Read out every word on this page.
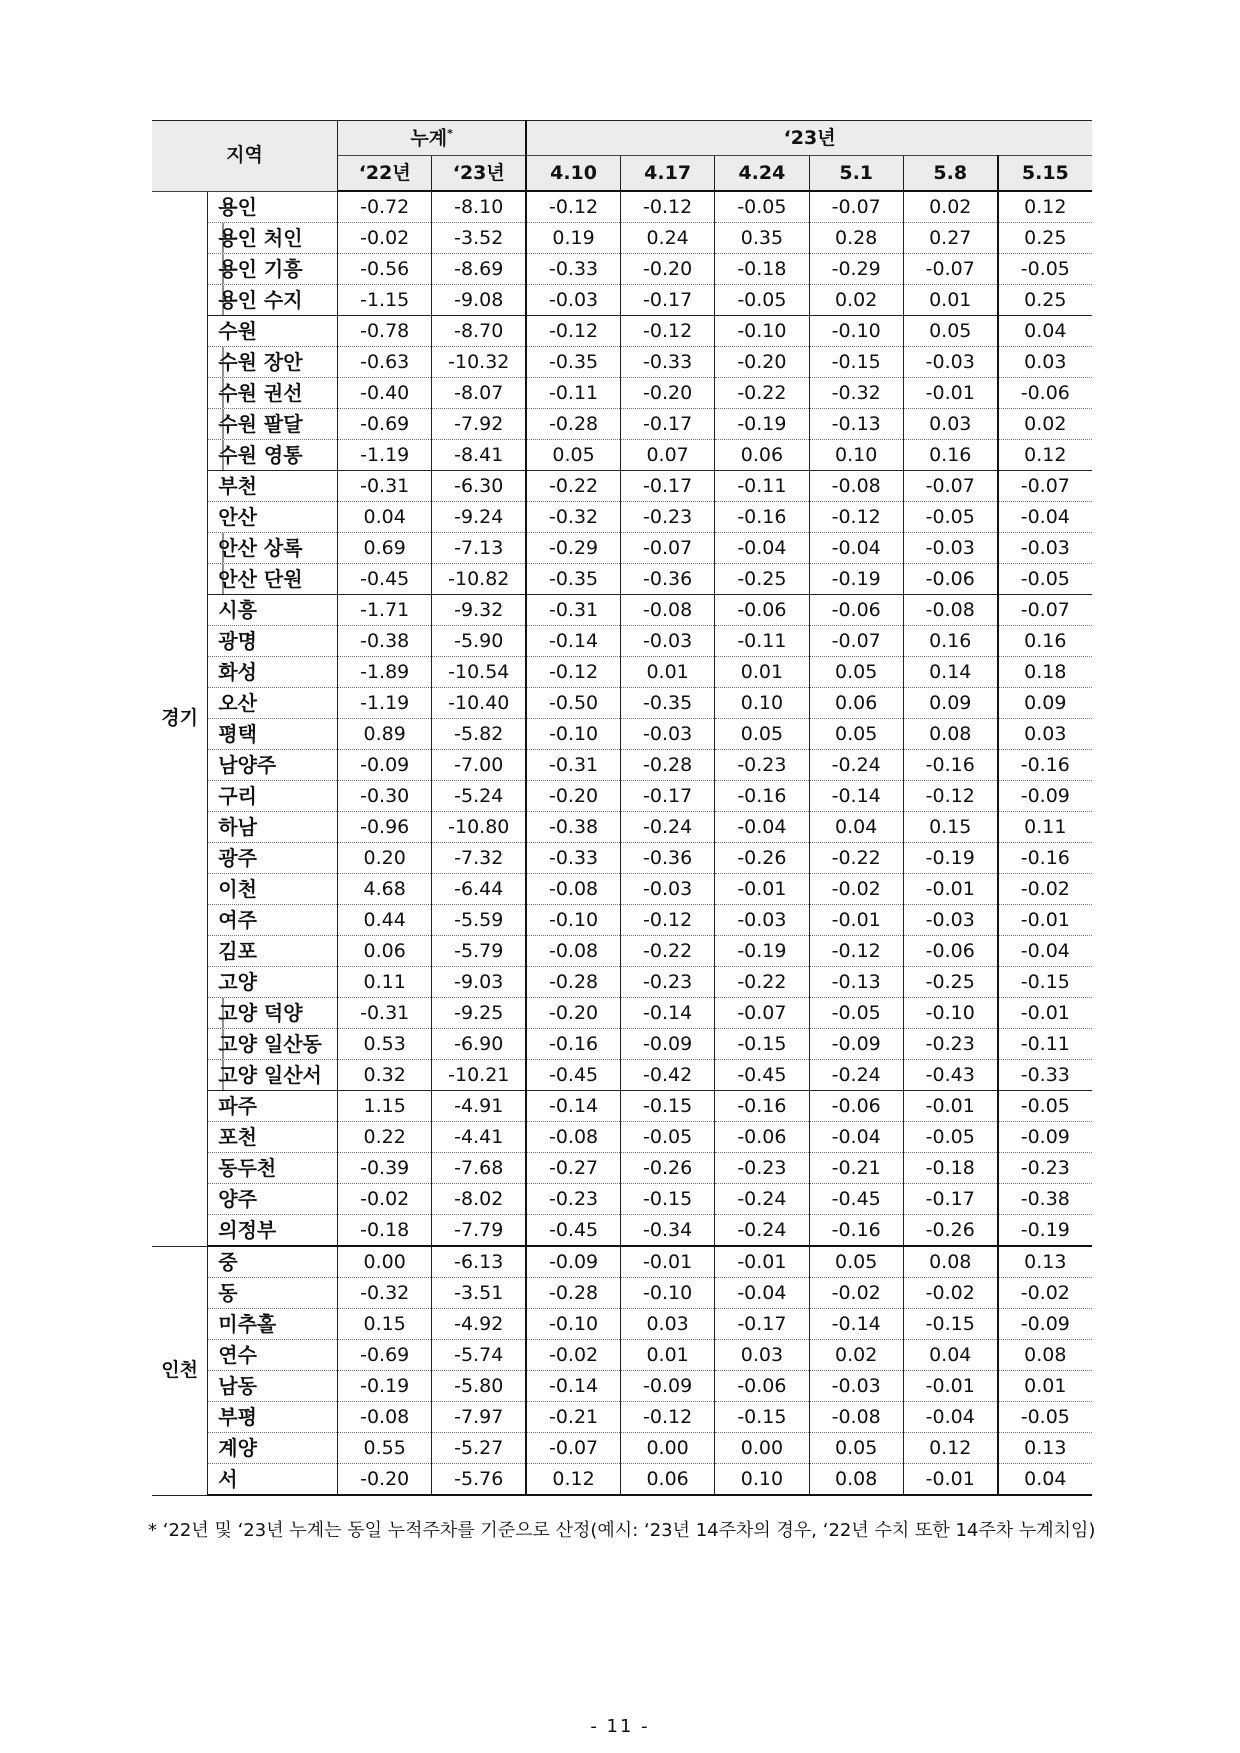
지역		누계*		‘23년					
		‘22년	‘23년	4.10	4.17	4.24	5.1	5.8	5.15
경기	용인	-0.72	-8.10	-0.12	-0.12	-0.05	-0.07	0.02	0.12
	용인 처인	-0.02	-3.52	0.19	0.24	0.35	0.28	0.27	0.25
	용인 기흥	-0.56	-8.69	-0.33	-0.20	-0.18	-0.29	-0.07	-0.05
	용인 수지	-1.15	-9.08	-0.03	-0.17	-0.05	0.02	0.01	0.25
	수원	-0.78	-8.70	-0.12	-0.12	-0.10	-0.10	0.05	0.04
	수원 장안	-0.63	-10.32	-0.35	-0.33	-0.20	-0.15	-0.03	0.03
	수원 권선	-0.40	-8.07	-0.11	-0.20	-0.22	-0.32	-0.01	-0.06
	수원 팔달	-0.69	-7.92	-0.28	-0.17	-0.19	-0.13	0.03	0.02
	수원 영통	-1.19	-8.41	0.05	0.07	0.06	0.10	0.16	0.12
	부천	-0.31	-6.30	-0.22	-0.17	-0.11	-0.08	-0.07	-0.07
	안산	0.04	-9.24	-0.32	-0.23	-0.16	-0.12	-0.05	-0.04
	안산 상록	0.69	-7.13	-0.29	-0.07	-0.04	-0.04	-0.03	-0.03
	안산 단원	-0.45	-10.82	-0.35	-0.36	-0.25	-0.19	-0.06	-0.05
	시흥	-1.71	-9.32	-0.31	-0.08	-0.06	-0.06	-0.08	-0.07
	광명	-0.38	-5.90	-0.14	-0.03	-0.11	-0.07	0.16	0.16
	화성	-1.89	-10.54	-0.12	0.01	0.01	0.05	0.14	0.18
	오산	-1.19	-10.40	-0.50	-0.35	0.10	0.06	0.09	0.09
	평택	0.89	-5.82	-0.10	-0.03	0.05	0.05	0.08	0.03
	남양주	-0.09	-7.00	-0.31	-0.28	-0.23	-0.24	-0.16	-0.16
	구리	-0.30	-5.24	-0.20	-0.17	-0.16	-0.14	-0.12	-0.09
	하남	-0.96	-10.80	-0.38	-0.24	-0.04	0.04	0.15	0.11
	광주	0.20	-7.32	-0.33	-0.36	-0.26	-0.22	-0.19	-0.16
	이천	4.68	-6.44	-0.08	-0.03	-0.01	-0.02	-0.01	-0.02
	여주	0.44	-5.59	-0.10	-0.12	-0.03	-0.01	-0.03	-0.01
	김포	0.06	-5.79	-0.08	-0.22	-0.19	-0.12	-0.06	-0.04
	고양	0.11	-9.03	-0.28	-0.23	-0.22	-0.13	-0.25	-0.15
	고양 덕양	-0.31	-9.25	-0.20	-0.14	-0.07	-0.05	-0.10	-0.01
	고양 일산동	0.53	-6.90	-0.16	-0.09	-0.15	-0.09	-0.23	-0.11
	고양 일산서	0.32	-10.21	-0.45	-0.42	-0.45	-0.24	-0.43	-0.33
	파주	1.15	-4.91	-0.14	-0.15	-0.16	-0.06	-0.01	-0.05
	포천	0.22	-4.41	-0.08	-0.05	-0.06	-0.04	-0.05	-0.09
	동두천	-0.39	-7.68	-0.27	-0.26	-0.23	-0.21	-0.18	-0.23
	양주	-0.02	-8.02	-0.23	-0.15	-0.24	-0.45	-0.17	-0.38
	의정부	-0.18	-7.79	-0.45	-0.34	-0.24	-0.16	-0.26	-0.19
인천	중	0.00	-6.13	-0.09	-0.01	-0.01	0.05	0.08	0.13
	동	-0.32	-3.51	-0.28	-0.10	-0.04	-0.02	-0.02	-0.02
	미추홀	0.15	-4.92	-0.10	0.03	-0.17	-0.14	-0.15	-0.09
	연수	-0.69	-5.74	-0.02	0.01	0.03	0.02	0.04	0.08
	남동	-0.19	-5.80	-0.14	-0.09	-0.06	-0.03	-0.01	0.01
	부평	-0.08	-7.97	-0.21	-0.12	-0.15	-0.08	-0.04	-0.05
	계양	0.55	-5.27	-0.07	0.00	0.00	0.05	0.12	0.13
	서	-0.20	-5.76	0.12	0.06	0.10	0.08	-0.01	0.04
* ‘22년 및 ‘23년 누계는 동일 누적주차를 기준으로 산정(예시: ‘23년 14주차의 경우, ‘22년 수치 또한 14주차 누계치임)
- 11 -
